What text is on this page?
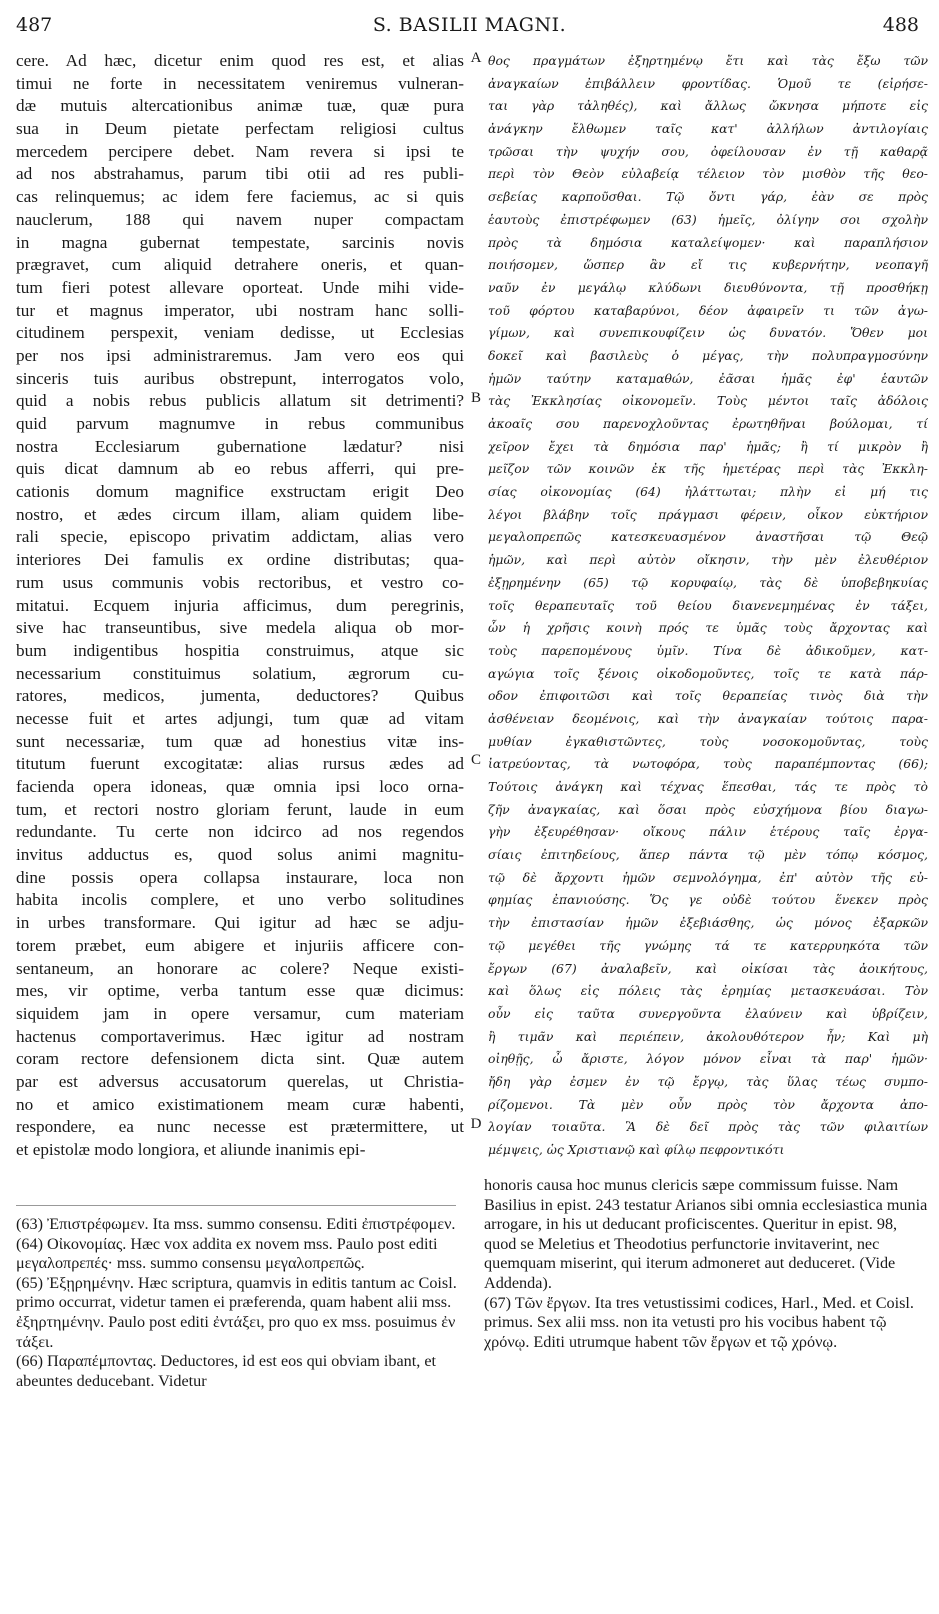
487	S. BASILII MAGNI.	488
A
B
C
D
cere. Ad hæc, dicetur enim quod res est, et alias
timui ne forte in necessitatem veniremus vulneran-
dæ mutuis altercationibus animæ tuæ, quæ pura
sua in Deum pietate perfectam religiosi cultus
mercedem percipere debet. Nam revera si ipsi te
ad nos abstrahamus, parum tibi otii ad res publi-
cas relinquemus; ac idem fere faciemus, ac si quis
nauclerum, 188 qui navem nuper compactam
in magna gubernat tempestate, sarcinis novis
prægravet, cum aliquid detrahere oneris, et quan-
tum fieri potest allevare oporteat. Unde mihi vide-
tur et magnus imperator, ubi nostram hanc solli-
citudinem perspexit, veniam dedisse, ut Ecclesias
per nos ipsi administraremus. Jam vero eos qui
sinceris tuis auribus obstrepunt, interrogatos volo,
quid a nobis rebus publicis allatum sit detrimenti?
quid parvum magnumve in rebus communibus
nostra Ecclesiarum gubernatione lædatur? nisi
quis dicat damnum ab eo rebus afferri, qui pre-
cationis domum magnifice exstructam erigit Deo
nostro, et ædes circum illam, aliam quidem libe-
rali specie, episcopo privatim addictam, alias vero
interiores Dei famulis ex ordine distributas; qua-
rum usus communis vobis rectoribus, et vestro co-
mitatui. Ecquem injuria afficimus, dum peregrinis,
sive hac transeuntibus, sive medela aliqua ob mor-
bum indigentibus hospitia construimus, atque sic
necessarium constituimus solatium, ægrorum cu-
ratores, medicos, jumenta, deductores? Quibus
necesse fuit et artes adjungi, tum quæ ad vitam
sunt necessariæ, tum quæ ad honestius vitæ ins-
titutum fuerunt excogitatæ: alias rursus ædes ad
facienda opera idoneas, quæ omnia ipsi loco orna-
tum, et rectori nostro gloriam ferunt, laude in eum
redundante. Tu certe non idcirco ad nos regendos
invitus adductus es, quod solus animi magnitu-
dine possis opera collapsa instaurare, loca non
habita incolis complere, et uno verbo solitudines
in urbes transformare. Qui igitur ad hæc se adju-
torem præbet, eum abigere et injuriis afficere con-
sentaneum, an honorare ac colere? Neque existi-
mes, vir optime, verba tantum esse quæ dicimus:
siquidem jam in opere versamur, cum materiam
hactenus comportaverimus. Hæc igitur ad nostram
coram rectore defensionem dicta sint. Quæ autem
par est adversus accusatorum querelas, ut Christia-
no et amico existimationem meam curæ habenti,
respondere, ea nunc necesse est prætermittere, ut
et epistolæ modo longiora, et aliunde inanimis epi-
θος πραγμάτων ἐξηρτημένῳ ἔτι καὶ τὰς ἔξω τῶν
ἀναγκαίων ἐπιβάλλειν φροντίδας. Ὁμοῦ τε (εἰρήσε-
ται γὰρ τἀληθές), καὶ ἄλλως ὤκνησα μήποτε εἰς
ἀνάγκην ἔλθωμεν ταῖς κατ' ἀλλήλων ἀντιλογίαις
τρῶσαι τὴν ψυχήν σου, ὀφείλουσαν ἐν τῇ καθαρᾷ
περὶ τὸν Θεὸν εὐλαβείᾳ τέλειον τὸν μισθὸν τῆς θεο-
σεβείας καρποῦσθαι. Τῷ ὄντι γάρ, ἐὰν σε πρὸς
ἑαυτοὺς ἐπιστρέφωμεν (63) ἡμεῖς, ὀλίγην σοι σχολὴν
πρὸς τὰ δημόσια καταλείψομεν· καὶ παραπλήσιον
ποιήσομεν, ὥσπερ ἂν εἴ τις κυβερνήτην, νεοπαγῆ
ναῦν ἐν μεγάλῳ κλύδωνι διευθύνοντα, τῇ προσθήκῃ
τοῦ φόρτου καταβαρύνοι, δέον ἀφαιρεῖν τι τῶν ἀγω-
γίμων, καὶ συνεπικουφίζειν ὡς δυνατόν. Ὅθεν μοι
δοκεῖ καὶ βασιλεὺς ὁ μέγας, τὴν πολυπραγμοσύνην
ἡμῶν ταύτην καταμαθών, ἐᾶσαι ἡμᾶς ἐφ' ἑαυτῶν
τὰς Ἐκκλησίας οἰκονομεῖν. Τοὺς μέντοι ταῖς ἀδόλοις
ἀκοαῖς σου παρενοχλοῦντας ἐρωτηθῆναι βούλομαι, τί
χεῖρον ἔχει τὰ δημόσια παρ' ἡμᾶς; ἢ τί μικρὸν ἢ
μεῖζον τῶν κοινῶν ἐκ τῆς ἡμετέρας περὶ τὰς Ἐκκλη-
σίας οἰκονομίας (64) ἠλάττωται; πλὴν εἰ μή τις
λέγοι βλάβην τοῖς πράγμασι φέρειν, οἶκον εὐκτήριον
μεγαλοπρεπῶς κατεσκευασμένον ἀναστῆσαι τῷ Θεῷ
ἡμῶν, καὶ περὶ αὐτὸν οἴκησιν, τὴν μὲν ἐλευθέριον
ἐξῃρημένην (65) τῷ κορυφαίῳ, τὰς δὲ ὑποβεβηκυίας
τοῖς θεραπευταῖς τοῦ θείου διανενεμημένας ἐν τάξει,
ὧν ἡ χρῆσις κοινὴ πρός τε ὑμᾶς τοὺς ἄρχοντας καὶ
τοὺς παρεπομένους ὑμῖν. Τίνα δὲ ἀδικοῦμεν, κατ-
αγώγια τοῖς ξένοις οἰκοδομοῦντες, τοῖς τε κατὰ πάρ-
οδον ἐπιφοιτῶσι καὶ τοῖς θεραπείας τινὸς διὰ τὴν
ἀσθένειαν δεομένοις, καὶ τὴν ἀναγκαίαν τούτοις παρα-
μυθίαν ἐγκαθιστῶντες, τοὺς νοσοκομοῦντας, τοὺς
ἰατρεύοντας, τὰ νωτοφόρα, τοὺς παραπέμποντας (66);
Τούτοις ἀνάγκη καὶ τέχνας ἕπεσθαι, τάς τε πρὸς τὸ
ζῆν ἀναγκαίας, καὶ ὅσαι πρὸς εὐσχήμονα βίου διαγω-
γὴν ἐξευρέθησαν· οἴκους πάλιν ἑτέρους ταῖς ἐργα-
σίαις ἐπιτηδείους, ἅπερ πάντα τῷ μὲν τόπῳ κόσμος,
τῷ δὲ ἄρχοντι ἡμῶν σεμνολόγημα, ἐπ' αὐτὸν τῆς εὐ-
φημίας ἐπανιούσης. Ὅς γε οὐδὲ τούτου ἕνεκεν πρὸς
τὴν ἐπιστασίαν ἡμῶν ἐξεβιάσθης, ὡς μόνος ἐξαρκῶν
τῷ μεγέθει τῆς γνώμης τά τε κατερρυηκότα τῶν
ἔργων (67) ἀναλαβεῖν, καὶ οἰκίσαι τὰς ἀοικήτους,
καὶ ὅλως εἰς πόλεις τὰς ἐρημίας μετασκευάσαι. Τὸν
οὖν εἰς ταῦτα συνεργοῦντα ἐλαύνειν καὶ ὑβρίζειν,
ἢ τιμᾶν καὶ περιέπειν, ἀκολουθότερον ἦν; Καὶ μὴ
οἰηθῇς, ὦ ἄριστε, λόγον μόνον εἶναι τὰ παρ' ἡμῶν·
ἤδη γὰρ ἐσμεν ἐν τῷ ἔργῳ, τὰς ὕλας τέως συμπο-
ρίζομενοι. Τὰ μὲν οὖν πρὸς τὸν ἄρχοντα ἀπο-
λογίαν τοιαῦτα. Ἃ δὲ δεῖ πρὸς τὰς τῶν φιλαιτίων
μέμψεις, ὡς Χριστιανῷ καὶ φίλῳ πεφροντικότι

(63) Ἐπιστρέφωμεν. Ita mss. summo consensu. Editi ἐπιστρέφομεν.

(64) Οἰκονομίας. Hæc vox addita ex novem mss. Paulo post editi μεγαλοπρεπές· mss. summo consensu μεγαλοπρεπῶς.

(65) Ἐξῃρημένην. Hæc scriptura, quamvis in editis tantum ac Coisl. primo occurrat, videtur tamen ei præferenda, quam habent alii mss. ἐξηρτημένην. Paulo post editi ἐντάξει, pro quo ex mss. posuimus ἐν τάξει.

(66) Παραπέμποντας. Deductores, id est eos qui obviam ibant, et abeuntes deducebant. Videtur

honoris causa hoc munus clericis sæpe commissum fuisse. Nam Basilius in epist. 243 testatur Arianos sibi omnia ecclesiastica munia arrogare, in his ut deducant proficiscentes. Queritur in epist. 98, quod se Meletius et Theodotius perfunctorie invitaverint, nec quemquam miserint, qui iterum admoneret aut deduceret. (Vide Addenda).

(67) Τῶν ἔργων. Ita tres vetustissimi codices, Harl., Med. et Coisl. primus. Sex alii mss. non ita vetusti pro his vocibus habent τῷ χρόνῳ. Editi utrumque habent τῶν ἔργων et τῷ χρόνῳ.
